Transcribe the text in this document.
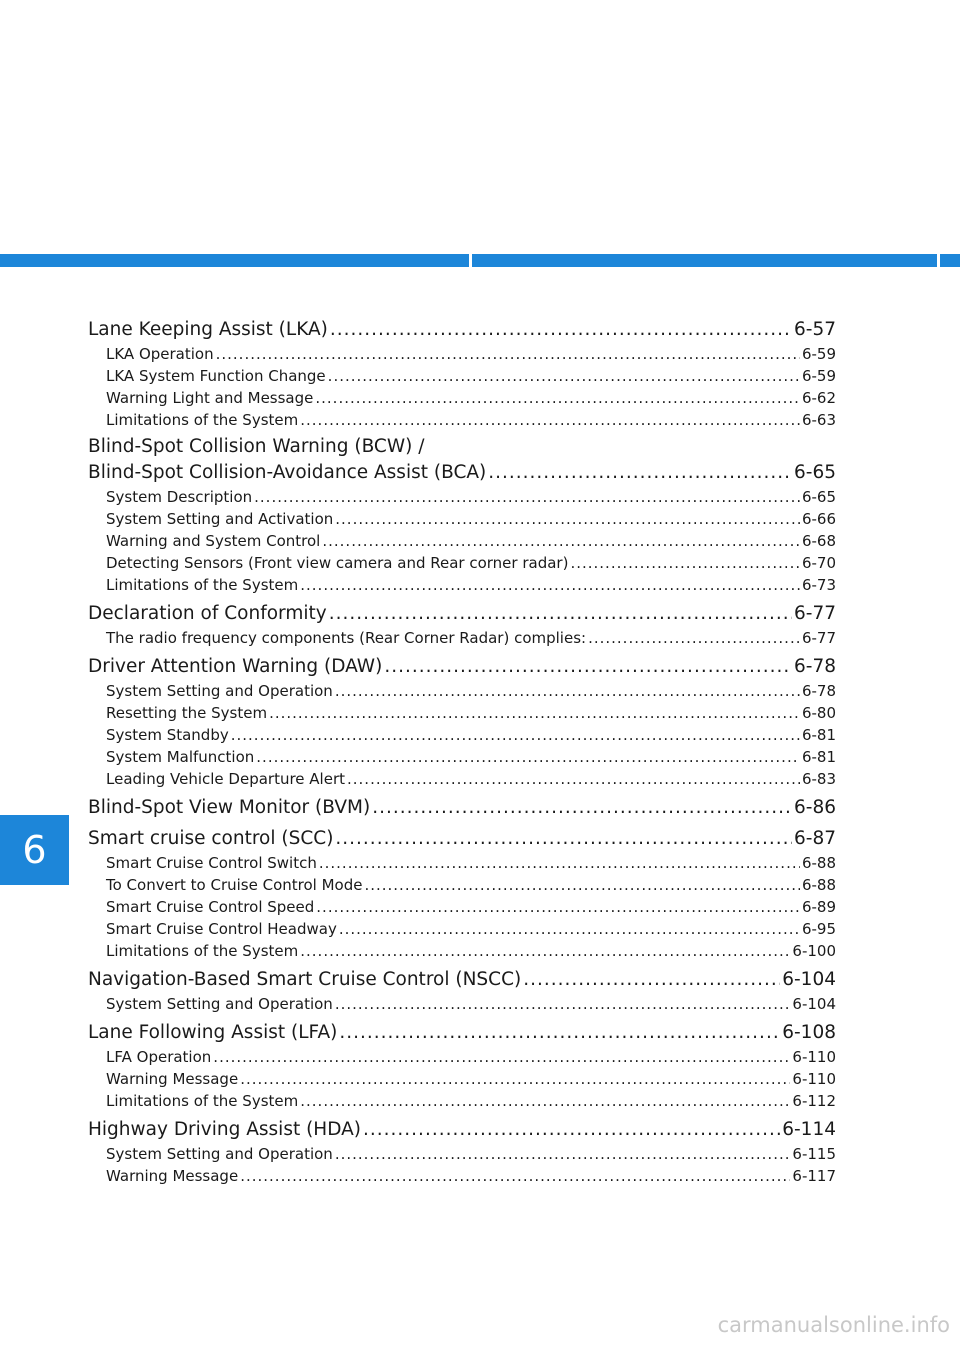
6
Lane Keeping Assist (LKA) .....	6-57
LKA Operation .....	6-59
LKA System Function Change .....	6-59
Warning Light and Message .....	6-62
Limitations of the System .....	6-63
Blind-Spot Collision Warning (BCW) /
Blind-Spot Collision-Avoidance Assist (BCA) .....	6-65
System Description .....	6-65
System Setting and Activation .....	6-66
Warning and System Control .....	6-68
Detecting Sensors (Front view camera and Rear corner radar) .....	6-70
Limitations of the System .....	6-73
Declaration of Conformity .....	6-77
The radio frequency components (Rear Corner Radar) complies: .....	6-77
Driver Attention Warning (DAW) .....	6-78
System Setting and Operation .....	6-78
Resetting the System .....	6-80
System Standby .....	6-81
System Malfunction .....	6-81
Leading Vehicle Departure Alert .....	6-83
Blind-Spot View Monitor (BVM) .....	6-86
Smart cruise control (SCC) .....	6-87
Smart Cruise Control Switch .....	6-88
To Convert to Cruise Control Mode .....	6-88
Smart Cruise Control Speed .....	6-89
Smart Cruise Control Headway .....	6-95
Limitations of the System .....	6-100
Navigation-Based Smart Cruise Control (NSCC) .....	6-104
System Setting and Operation .....	6-104
Lane Following Assist (LFA) .....	6-108
LFA Operation .....	6-110
Warning Message .....	6-110
Limitations of the System .....	6-112
Highway Driving Assist (HDA) .....	6-114
System Setting and Operation .....	6-115
Warning Message .....	6-117
carmanualsonline.info
